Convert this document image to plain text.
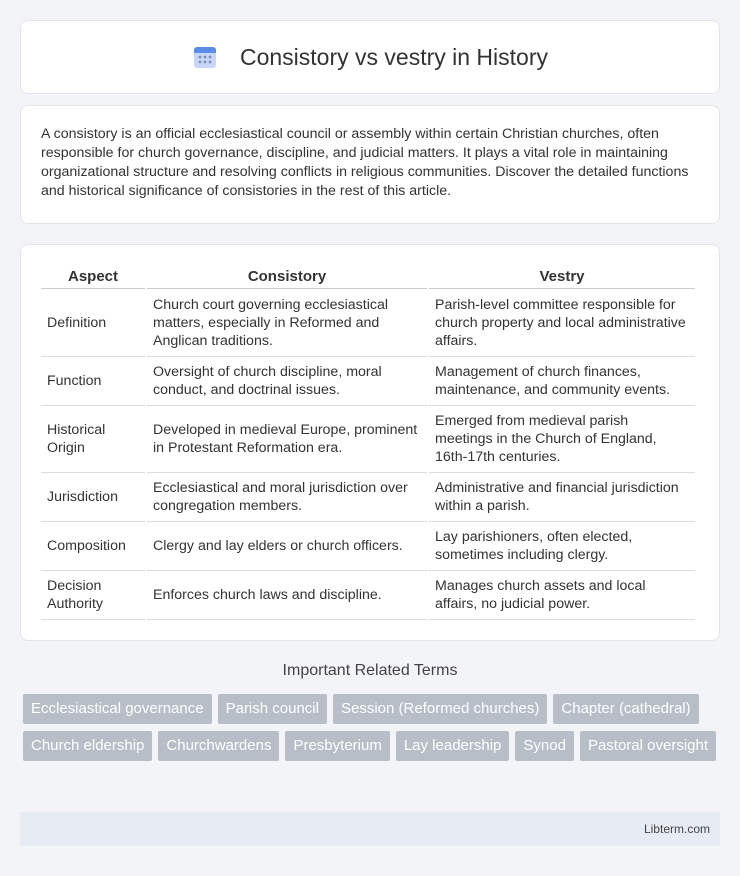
Consistory vs vestry in History

A consistory is an official ecclesiastical council or assembly within certain Christian churches, often responsible for church governance, discipline, and judicial matters. It plays a vital role in maintaining organizational structure and resolving conflicts in religious communities. Discover the detailed functions and historical significance of consistories in the rest of this article.

Aspect	Consistory	Vestry
Definition	Church court governing ecclesiastical matters, especially in Reformed and Anglican traditions.	Parish-level committee responsible for church property and local administrative affairs.
Function	Oversight of church discipline, moral conduct, and doctrinal issues.	Management of church finances, maintenance, and community events.
Historical Origin	Developed in medieval Europe, prominent in Protestant Reformation era.	Emerged from medieval parish meetings in the Church of England, 16th-17th centuries.
Jurisdiction	Ecclesiastical and moral jurisdiction over congregation members.	Administrative and financial jurisdiction within a parish.
Composition	Clergy and lay elders or church officers.	Lay parishioners, often elected, sometimes including clergy.
Decision Authority	Enforces church laws and discipline.	Manages church assets and local affairs, no judicial power.
Important Related Terms
Ecclesiastical governance	Parish council	Session (Reformed churches)	Chapter (cathedral)
Church eldership	Churchwardens	Presbyterium	Lay leadership	Synod	Pastoral oversight
Libterm.com
